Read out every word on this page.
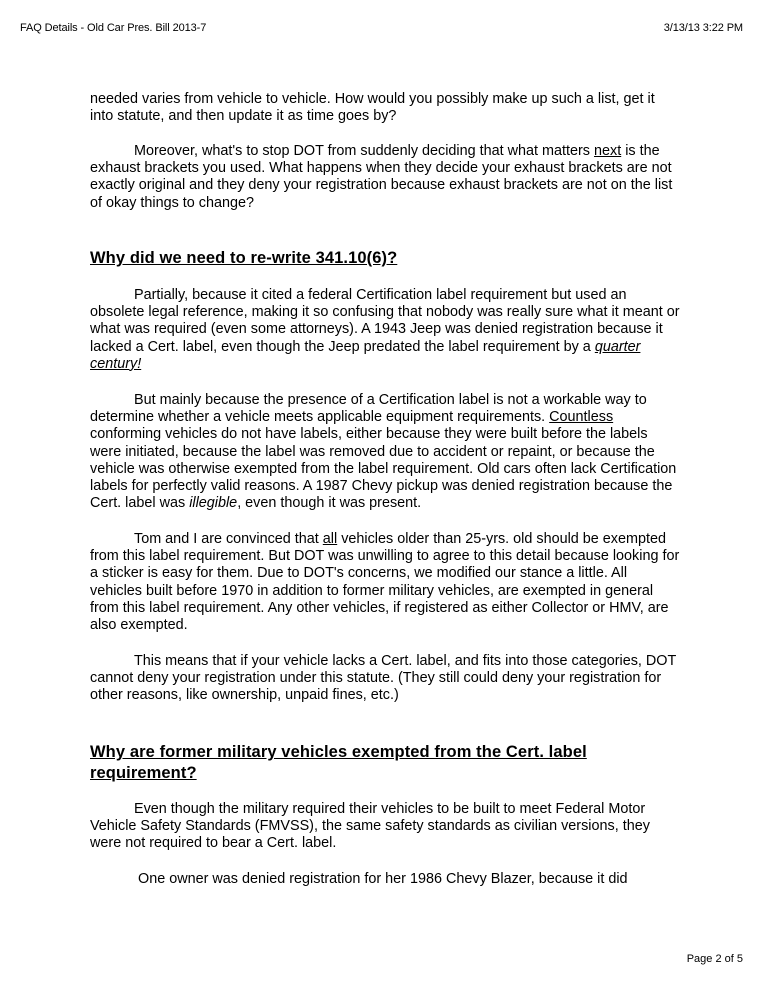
FAQ Details - Old Car Pres. Bill 2013-7	3/13/13 3:22 PM

needed varies from vehicle to vehicle. How would you possibly make up such a list, get it into statute, and then update it as time goes by?

Moreover, what's to stop DOT from suddenly deciding that what matters next is the exhaust brackets you used. What happens when they decide your exhaust brackets are not exactly original and they deny your registration because exhaust brackets are not on the list of okay things to change?

Why did we need to re-write 341.10(6)?

Partially, because it cited a federal Certification label requirement but used an obsolete legal reference, making it so confusing that nobody was really sure what it meant or what was required (even some attorneys). A 1943 Jeep was denied registration because it lacked a Cert. label, even though the Jeep predated the label requirement by a quarter century!

But mainly because the presence of a Certification label is not a workable way to determine whether a vehicle meets applicable equipment requirements. Countless conforming vehicles do not have labels, either because they were built before the labels were initiated, because the label was removed due to accident or repaint, or because the vehicle was otherwise exempted from the label requirement. Old cars often lack Certification labels for perfectly valid reasons. A 1987 Chevy pickup was denied registration because the Cert. label was illegible, even though it was present.

Tom and I are convinced that all vehicles older than 25-yrs. old should be exempted from this label requirement. But DOT was unwilling to agree to this detail because looking for a sticker is easy for them. Due to DOT's concerns, we modified our stance a little. All vehicles built before 1970 in addition to former military vehicles, are exempted in general from this label requirement. Any other vehicles, if registered as either Collector or HMV, are also exempted.

This means that if your vehicle lacks a Cert. label, and fits into those categories, DOT cannot deny your registration under this statute. (They still could deny your registration for other reasons, like ownership, unpaid fines, etc.)

Why are former military vehicles exempted from the Cert. label requirement?

Even though the military required their vehicles to be built to meet Federal Motor Vehicle Safety Standards (FMVSS), the same safety standards as civilian versions, they were not required to bear a Cert. label.

One owner was denied registration for her 1986 Chevy Blazer, because it did

Page 2 of 5
